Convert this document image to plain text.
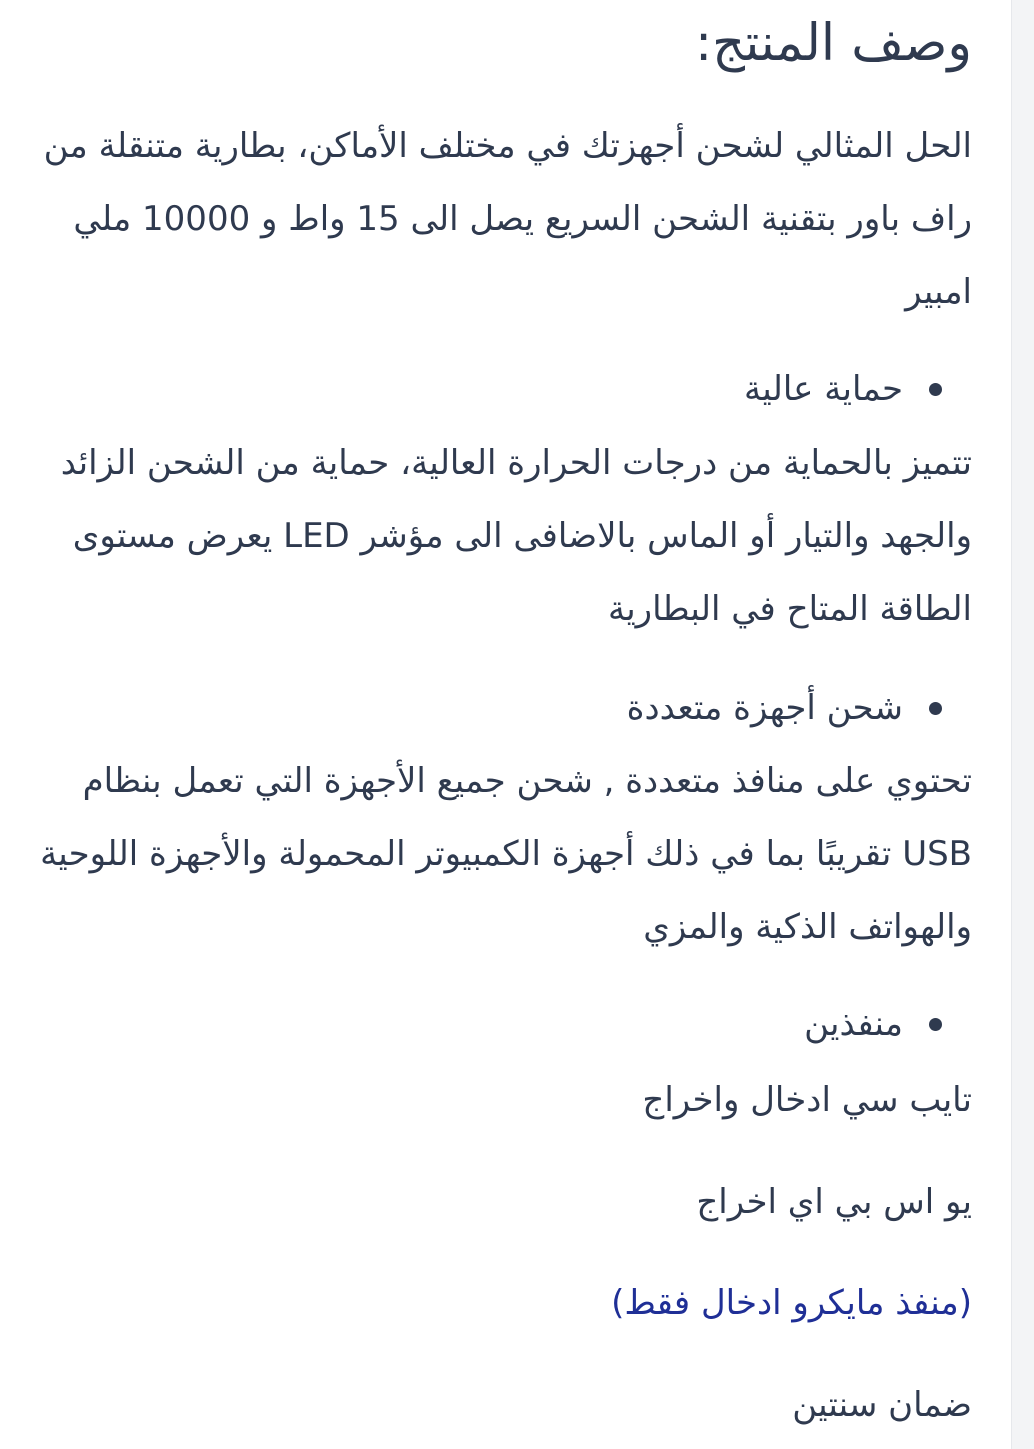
وصف المنتج:

الحل المثالي لشحن أجهزتك في مختلف الأماكن، بطارية متنقلة من راف باور بتقنية الشحن السريع يصل الى 15 واط و 10000 ملي امبير

حماية عالية

تتميز بالحماية من درجات الحرارة العالية، حماية من الشحن الزائد والجهد والتيار أو الماس بالاضافى الى مؤشر LED يعرض مستوى الطاقة المتاح في البطارية

شحن أجهزة متعددة

تحتوي على منافذ متعددة , شحن جميع الأجهزة التي تعمل بنظام USB تقريبًا بما في ذلك أجهزة الكمبيوتر المحمولة والأجهزة اللوحية والهواتف الذكية والمزي

منفذين

تايب سي ادخال واخراج

يو اس بي اي اخراج

(منفذ مايكرو ادخال فقط)

ضمان سنتين
